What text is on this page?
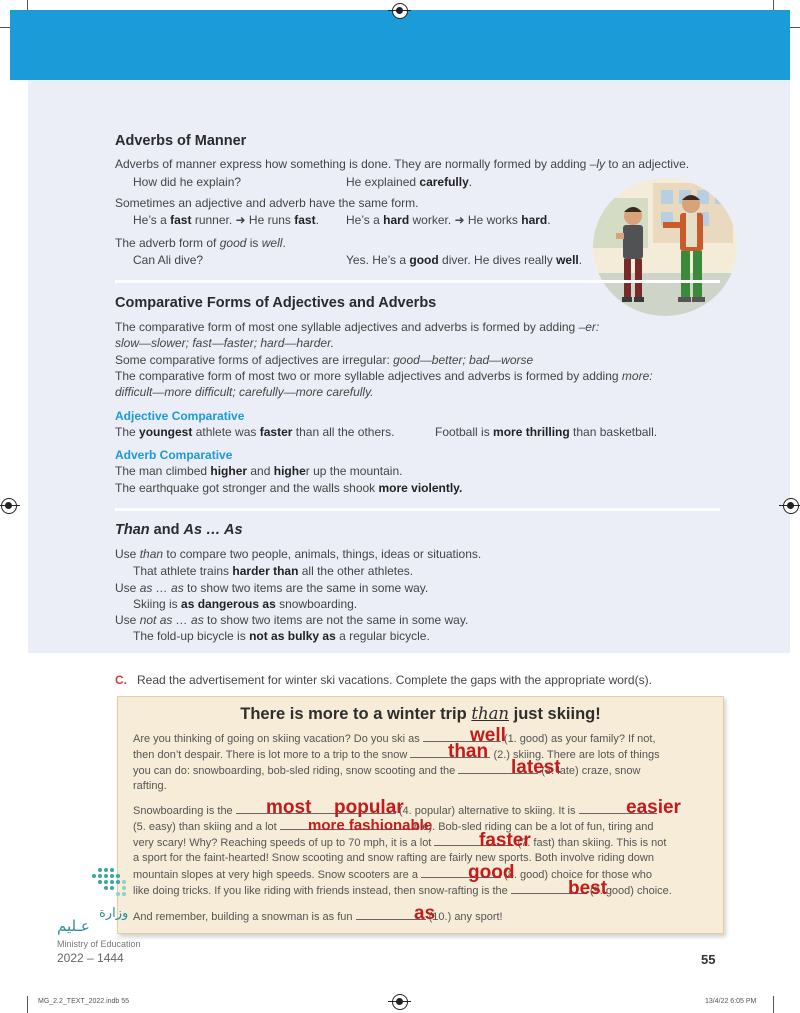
Adverbs of Manner
Adverbs of manner express how something is done. They are normally formed by adding –ly to an adjective.
How did he explain?	He explained carefully.
Sometimes an adjective and adverb have the same form.
He’s a fast runner. ➜ He runs fast. He’s a hard worker. ➜ He works hard.
The adverb form of good is well.
Can Ali dive?	Yes. He’s a good diver. He dives really well.
Comparative Forms of Adjectives and Adverbs
The comparative form of most one syllable adjectives and adverbs is formed by adding –er:
slow—slower; fast—faster; hard—harder.
Some comparative forms of adjectives are irregular: good—better; bad—worse
The comparative form of most two or more syllable adjectives and adverbs is formed by adding more:
difficult—more difficult; carefully—more carefully.
Adjective Comparative
The youngest athlete was faster than all the others.	Football is more thrilling than basketball.
Adverb Comparative
The man climbed higher and higher up the mountain.
The earthquake got stronger and the walls shook more violently.
Than and As … As
Use than to compare two people, animals, things, ideas or situations.
That athlete trains harder than all the other athletes.
Use as … as to show two items are the same in some way.
Skiing is as dangerous as snowboarding.
Use not as … as to show two items are not the same in some way.
The fold-up bicycle is not as bulky as a regular bicycle.
C. Read the advertisement for winter ski vacations. Complete the gaps with the appropriate word(s).
There is more to a winter trip than just skiing!
Are you thinking of going on skiing vacation? Do you ski as	(1. good) as your family? If not,
then don’t despair. There is lot more to a trip to the snow	(2.) skiing. There are lots of things
you can do: snowboarding, bob-sled riding, snow scooting and the	(3. late) craze, snow
rafting.
Snowboarding is the	(4. popular) alternative to skiing. It is
(5. easy) than skiing and a lot	ble). Bob-sled riding can be a lot of fun, tiring and
very scary! Why? Reaching speeds of up to 70 mph, it is a lot	(7. fast) than skiing. This is not
a sport for the faint-hearted! Snow scooting and snow rafting are fairly new sports. Both involve riding down
mountain slopes at very high speeds. Snow scooters are a	(8. good) choice for those who
like doing tricks. If you like riding with friends instead, then snow-rafting is the	(9. good) choice.
And remember, building a snowman is as fun	(10.) any sport!
well
than
latest
most popular	easier
more fashionable
faster
good
best
as
وزارة
عـليم
Ministry of Education
2022 – 1444	55
MG_2.2_TEXT_2022.indb 55	13/4/22 6:05 PM
